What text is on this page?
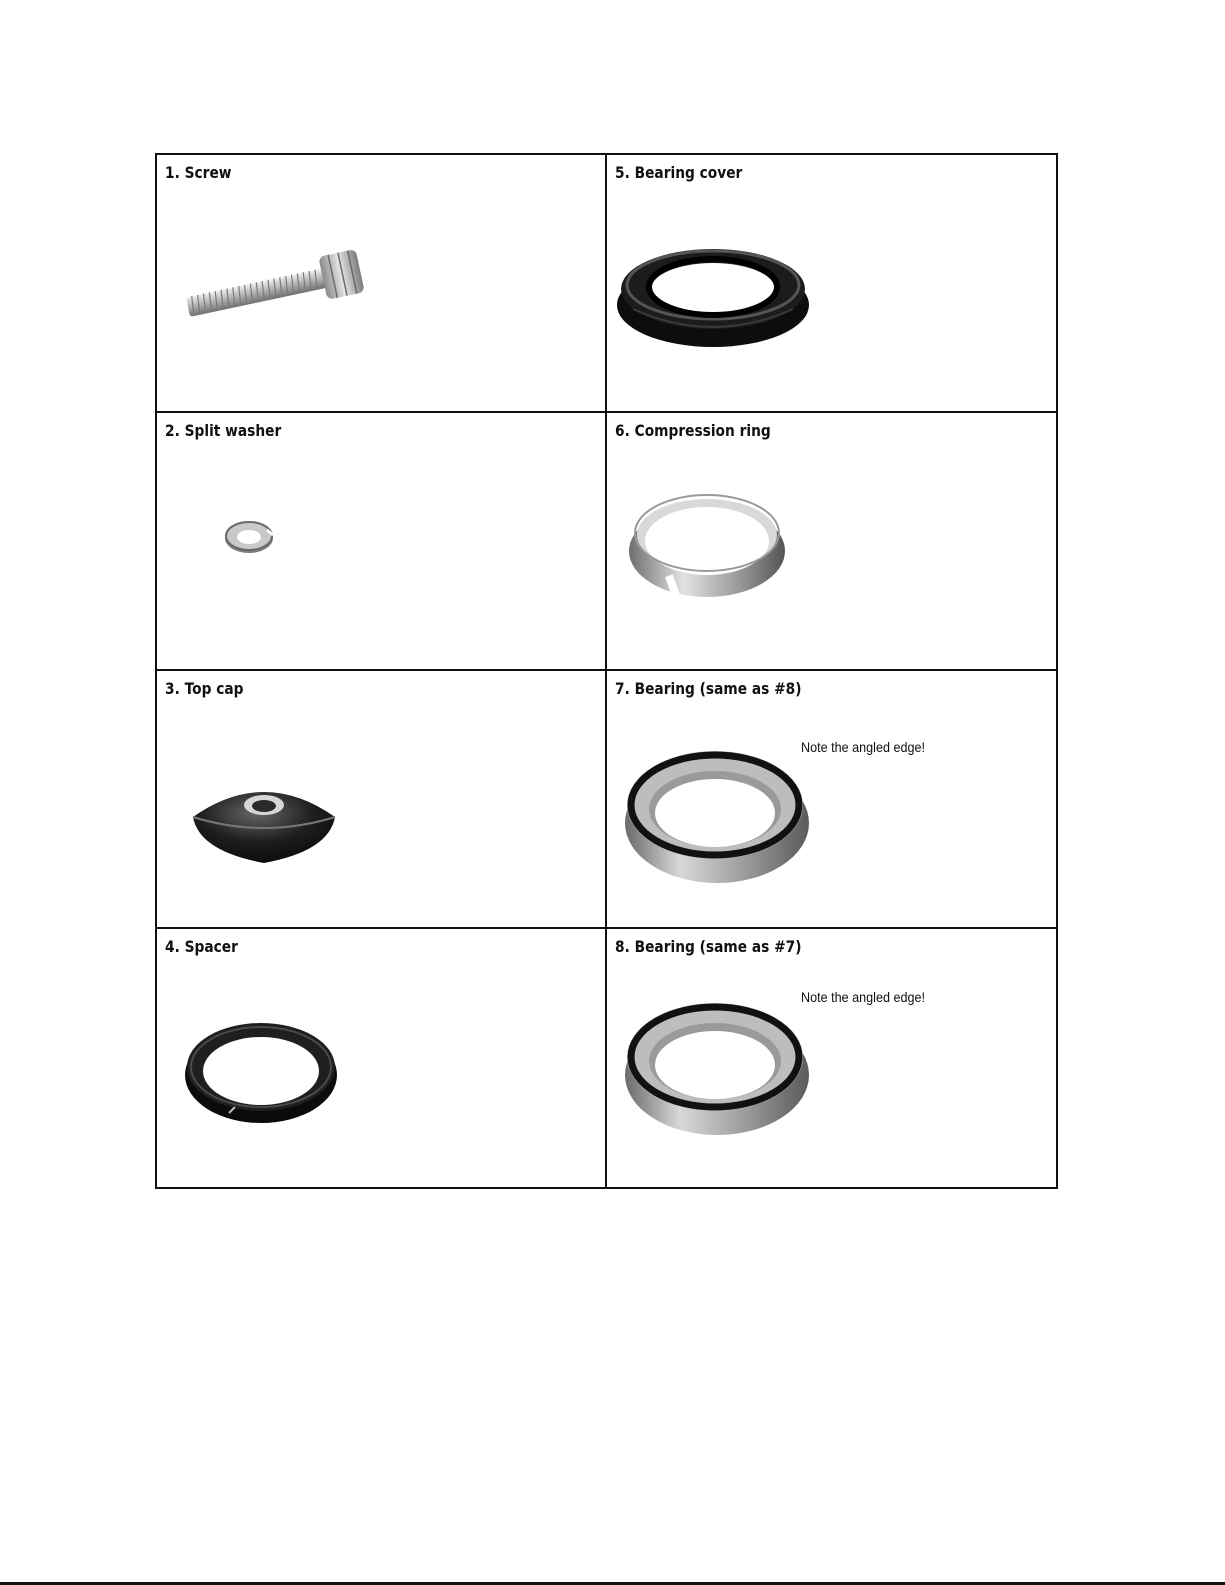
1. Screw	5. Bearing cover
2. Split washer	6. Compression ring
3. Top cap	7. Bearing (same as #8)
Note the angled edge!
4. Spacer	8. Bearing (same as #7)
Note the angled edge!
